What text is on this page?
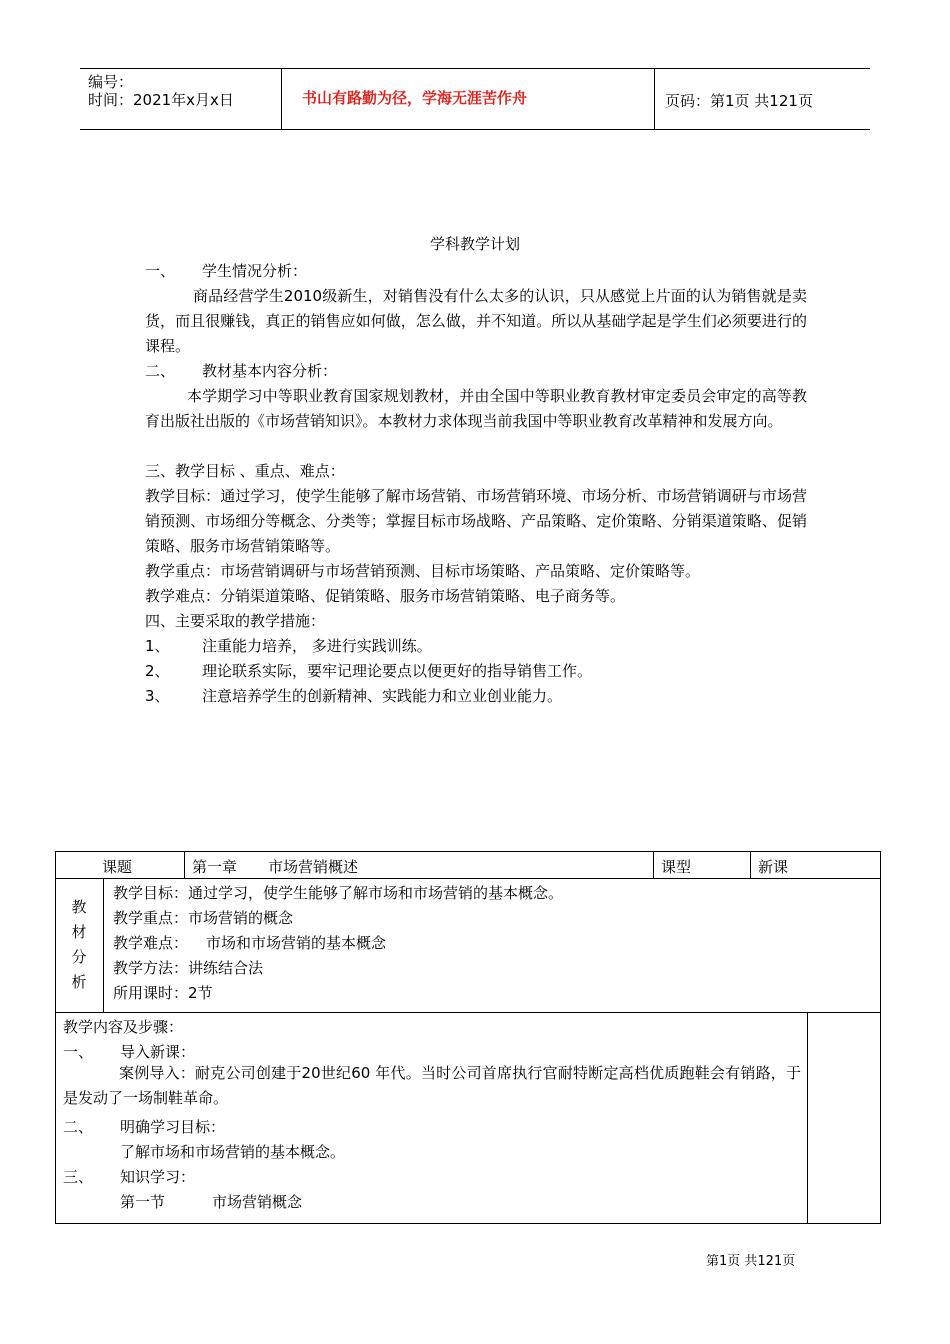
编号：
时间：2021年x月x日	书山有路勤为径，学海无涯苦作舟	页码：第1页 共121页
学科教学计划
一、 学生情况分析：
商品经营学生2010级新生，对销售没有什么太多的认识，只从感觉上片面的认为销售就是卖货，而且很赚钱，真正的销售应如何做，怎么做，并不知道。所以从基础学起是学生们必须要进行的课程。
二、 教材基本内容分析：
本学期学习中等职业教育国家规划教材，并由全国中等职业教育教材审定委员会审定的高等教育出版社出版的《市场营销知识》。本教材力求体现当前我国中等职业教育改革精神和发展方向。
三、教学目标 、重点、难点：
教学目标：通过学习，使学生能够了解市场营销、市场营销环境、市场分析、市场营销调研与市场营销预测、市场细分等概念、分类等；掌握目标市场战略、产品策略、定价策略、分销渠道策略、促销策略、服务市场营销策略等。
教学重点：市场营销调研与市场营销预测、目标市场策略、产品策略、定价策略等。
教学难点：分销渠道策略、促销策略、服务市场营销策略、电子商务等。
四、主要采取的教学措施：
1、 注重能力培养， 多进行实践训练。
2、 理论联系实际，要牢记理论要点以便更好的指导销售工作。
3、 注意培养学生的创新精神、实践能力和立业创业能力。
课题	第一章 市场营销概述	课型	新课
教
材
分
析
教学目标：通过学习，使学生能够了解市场和市场营销的基本概念。
教学重点：市场营销的概念
教学难点： 市场和市场营销的基本概念
教学方法：讲练结合法
所用课时：2节
教学内容及步骤：
一、 导入新课：
案例导入：耐克公司创建于20世纪60 年代。当时公司首席执行官耐特断定高档优质跑鞋会有销路，于是发动了一场制鞋革命。
二、 明确学习目标：
了解市场和市场营销的基本概念。
三、 知识学习：
第一节	市场营销概念
第1页 共121页
